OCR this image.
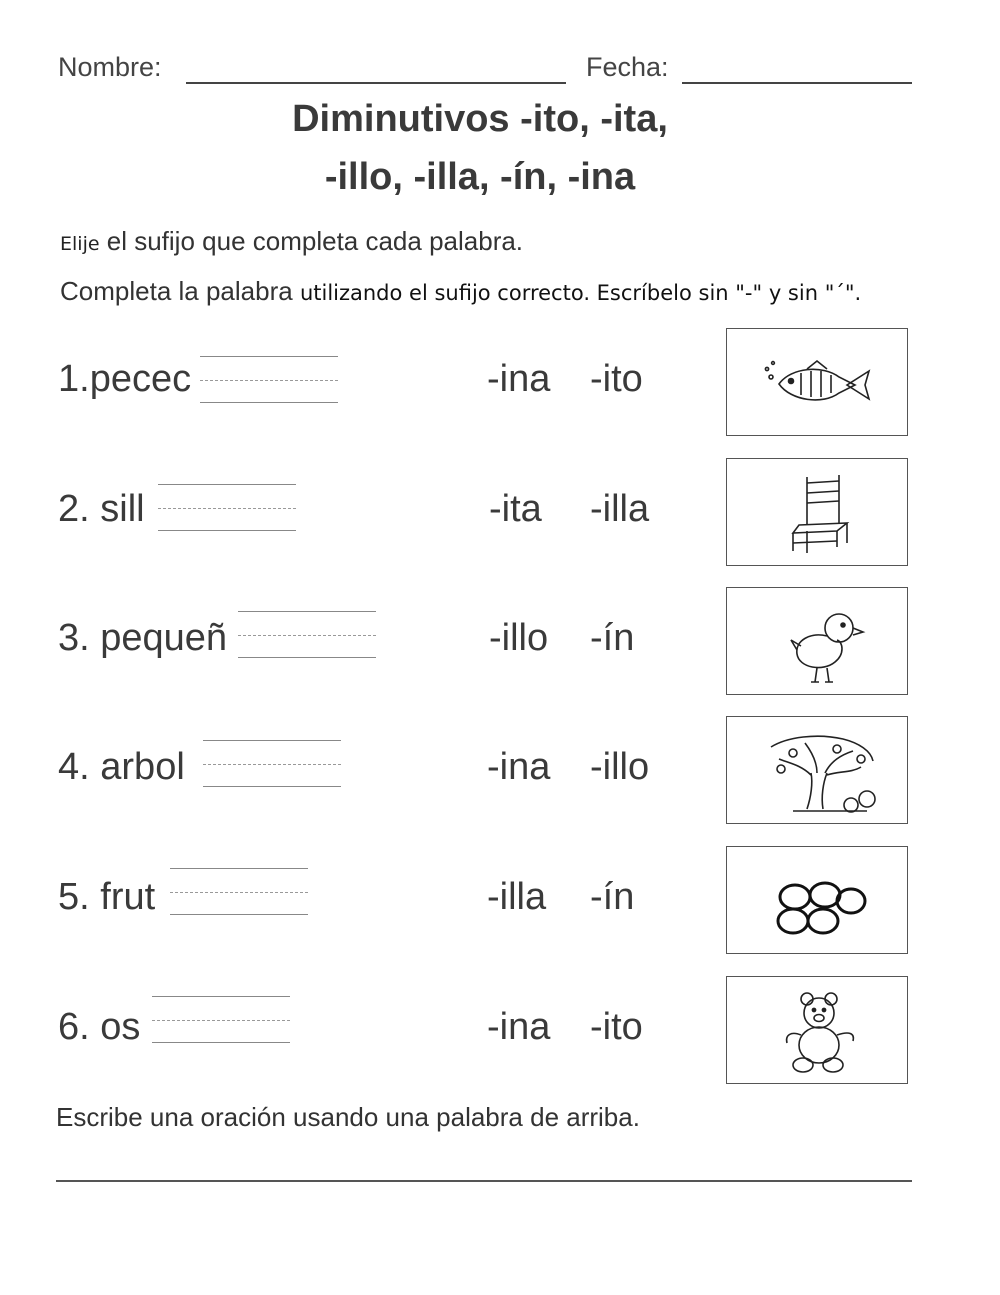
Nombre:	Fecha:
Diminutivos -ito, -ita,
-illo, -illa, -ín, -ina
Elije el sufijo que completa cada palabra.
Completa la palabra utilizando el sufijo correcto. Escríbelo sin "-" y sin "´".
1.pecec	-ina -ito
2. sill	-ita -illa
3. pequeñ	-illo -ín
4. arbol	-ina -illo
5. frut	-illa -ín
6. os	-ina -ito
Escribe una oración usando una palabra de arriba.
